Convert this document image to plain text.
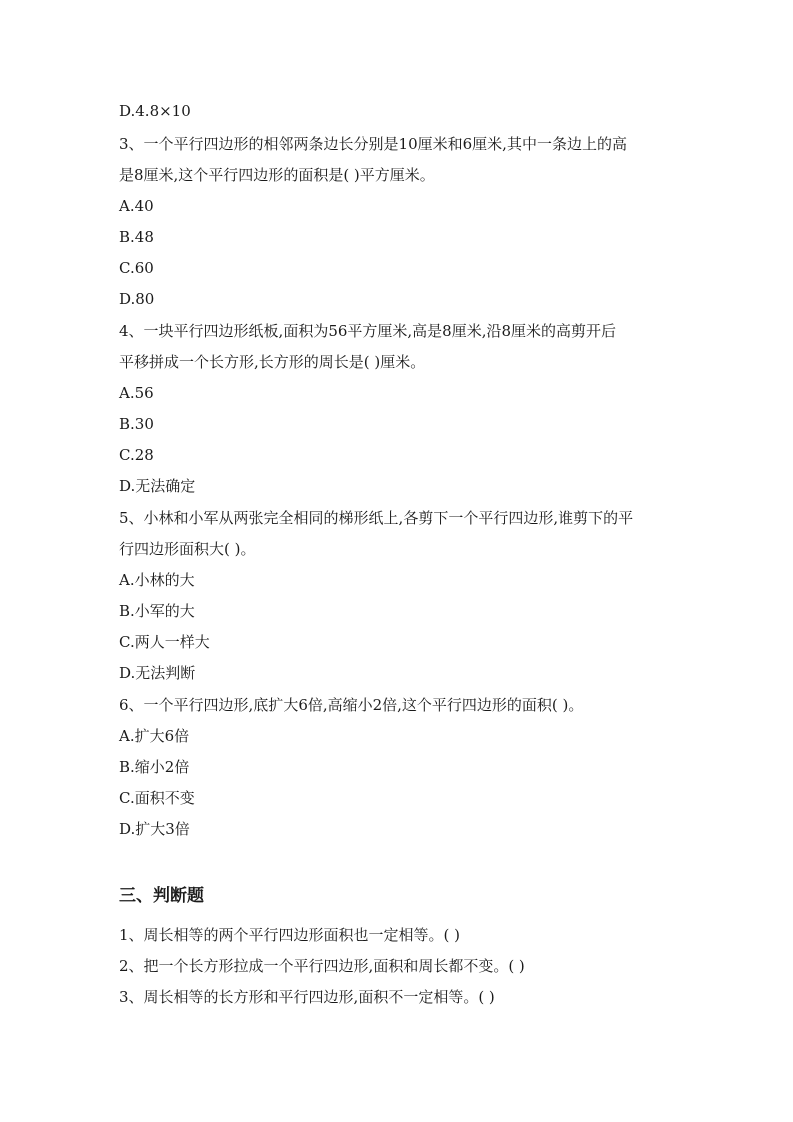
D.4.8×10
3、一个平行四边形的相邻两条边长分别是10厘米和6厘米,其中一条边上的高
是8厘米,这个平行四边形的面积是( )平方厘米。
A.40
B.48
C.60
D.80
4、一块平行四边形纸板,面积为56平方厘米,高是8厘米,沿8厘米的高剪开后
平移拼成一个长方形,长方形的周长是( )厘米。
A.56
B.30
C.28
D.无法确定
5、小林和小军从两张完全相同的梯形纸上,各剪下一个平行四边形,谁剪下的平
行四边形面积大( )。
A.小林的大
B.小军的大
C.两人一样大
D.无法判断
6、一个平行四边形,底扩大6倍,高缩小2倍,这个平行四边形的面积( )。
A.扩大6倍
B.缩小2倍
C.面积不变
D.扩大3倍
三、判断题
1、周长相等的两个平行四边形面积也一定相等。( )
2、把一个长方形拉成一个平行四边形,面积和周长都不变。( )
3、周长相等的长方形和平行四边形,面积不一定相等。( )
